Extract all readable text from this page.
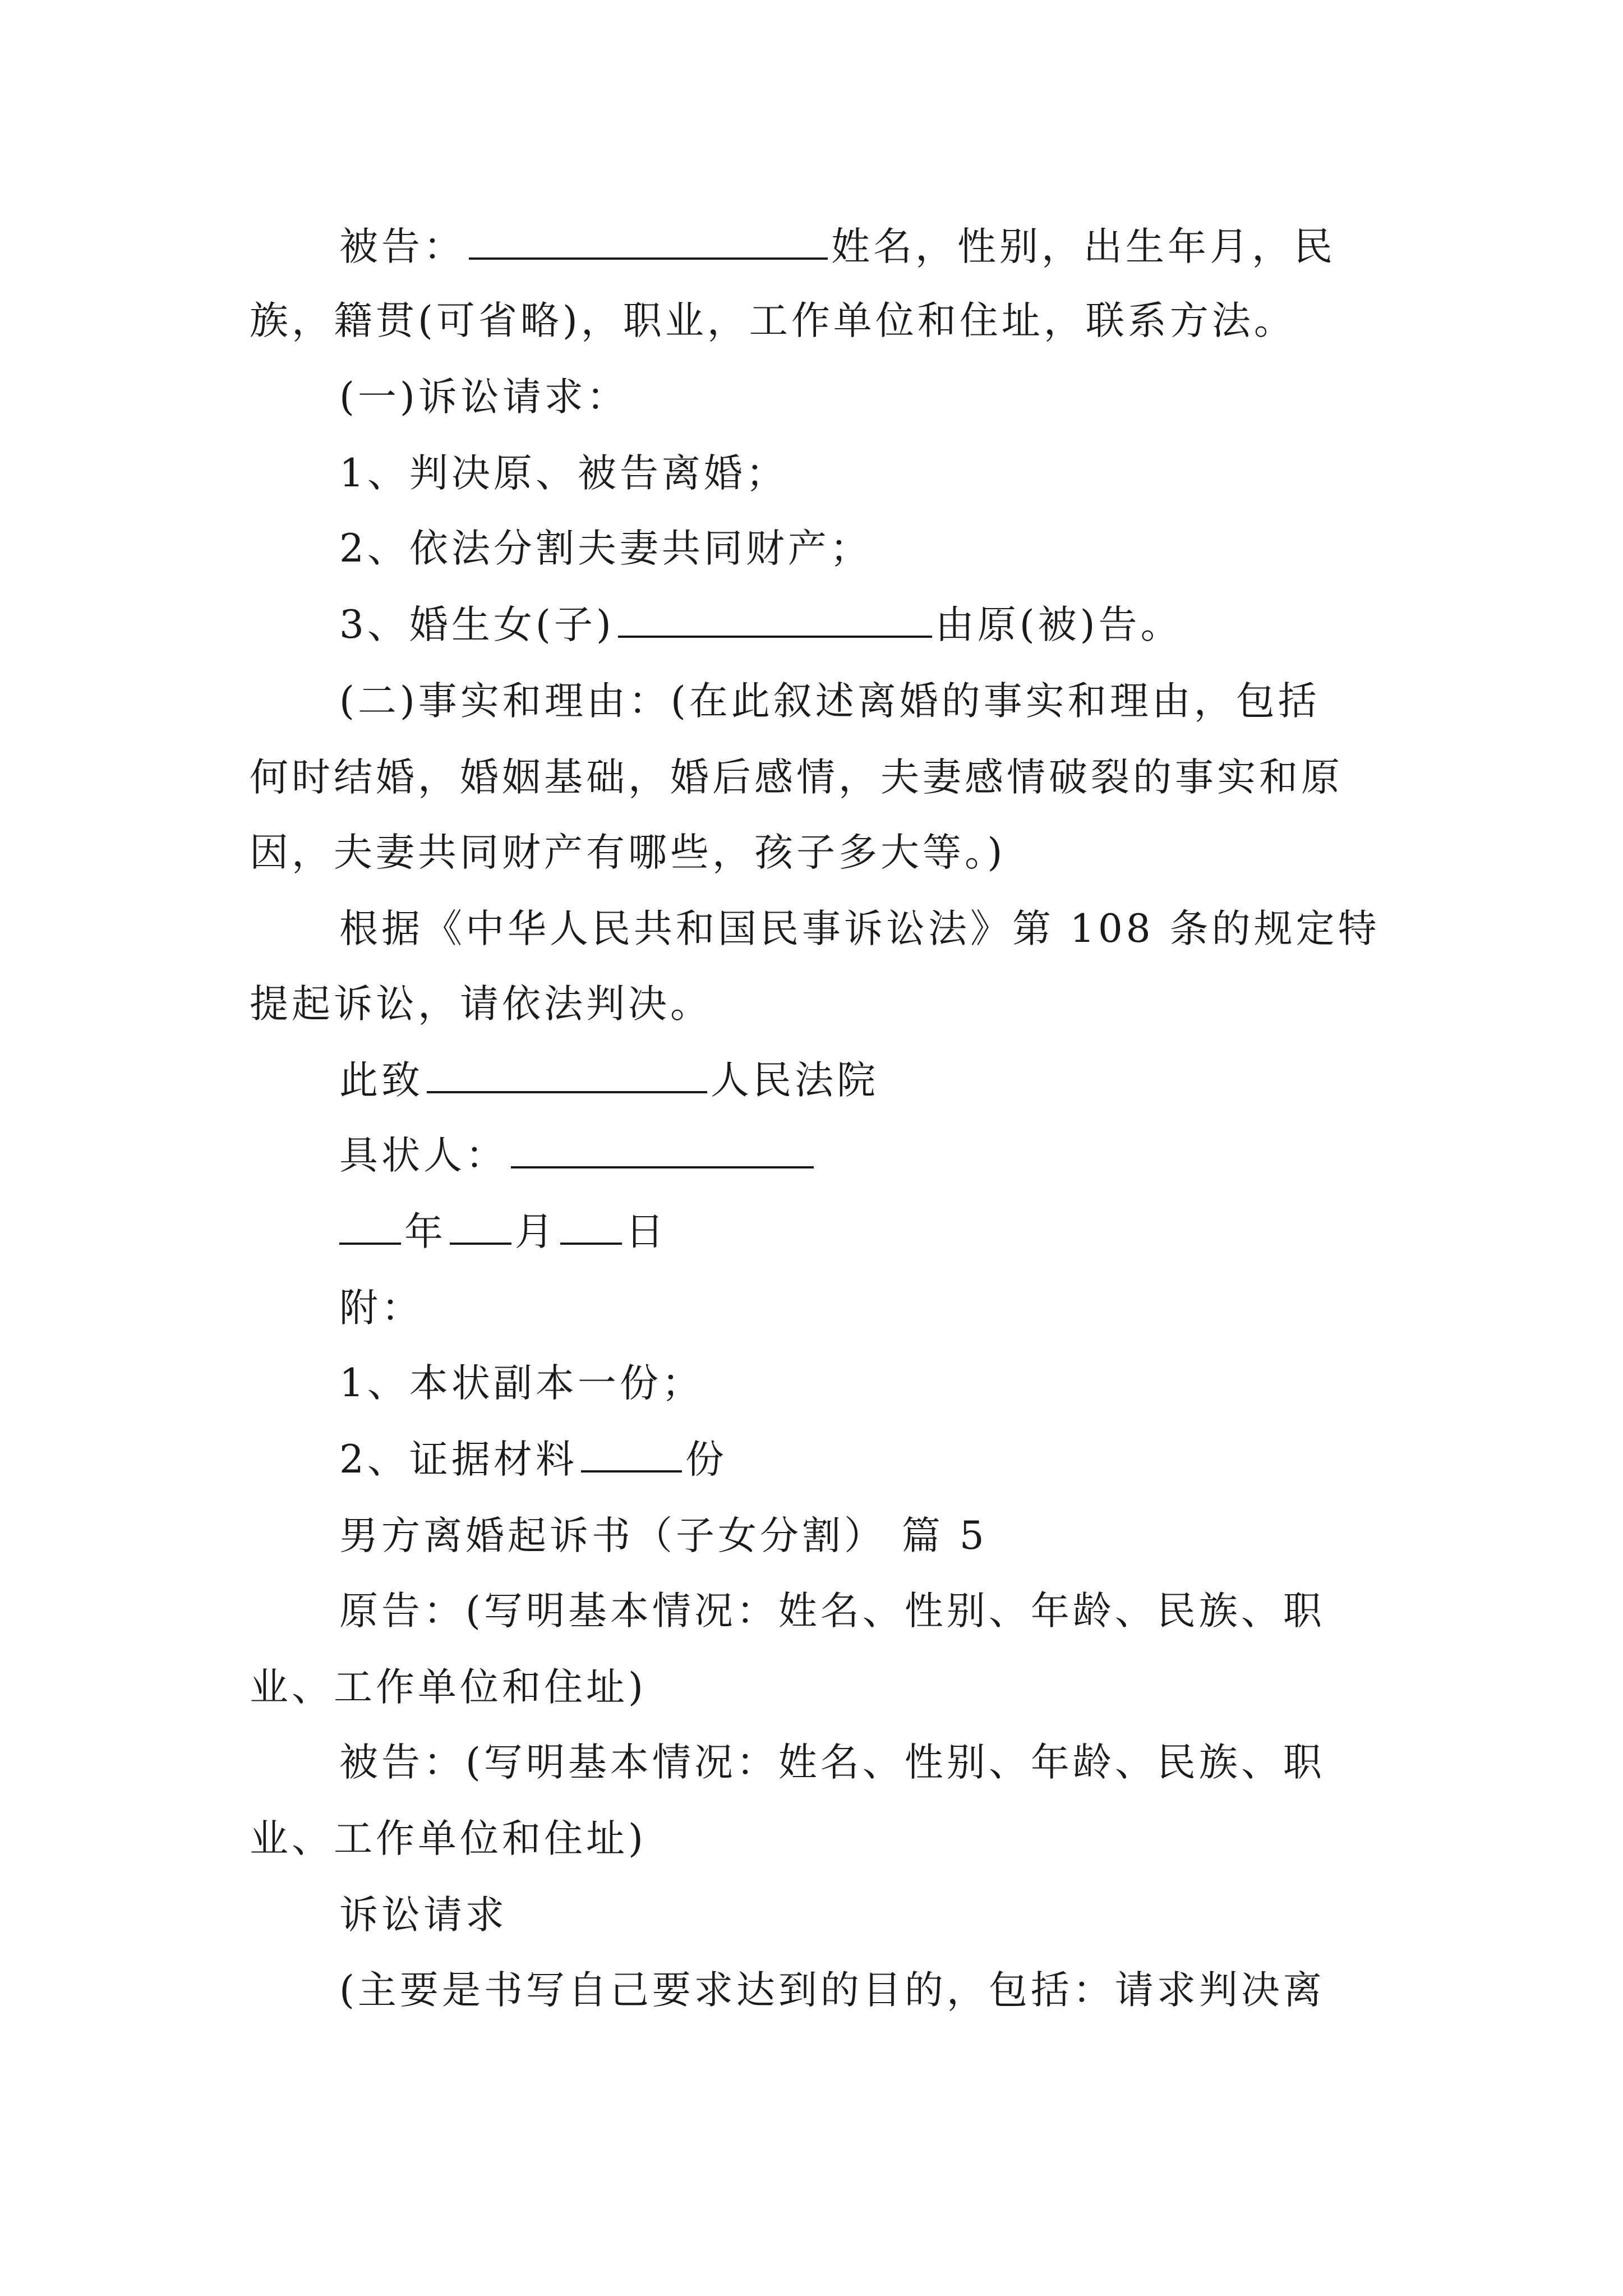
被告：	姓名，性别，出生年月，民
族，籍贯(可省略)，职业，工作单位和住址，联系方法。
(一)诉讼请求：
1、判决原、被告离婚；
2、依法分割夫妻共同财产；
3、婚生女(子)	由原(被)告。
(二)事实和理由：(在此叙述离婚的事实和理由，包括
何时结婚，婚姻基础，婚后感情，夫妻感情破裂的事实和原
因，夫妻共同财产有哪些，孩子多大等。)
根据《中华人民共和国民事诉讼法》第 108 条的规定特
提起诉讼，请依法判决。
此致	人民法院
具状人：
年 月 日
附：
1、本状副本一份；
2、证据材料	份
男方离婚起诉书（子女分割） 篇 5
原告：(写明基本情况：姓名、性别、年龄、民族、职
业、工作单位和住址)
被告：(写明基本情况：姓名、性别、年龄、民族、职
业、工作单位和住址)
诉讼请求
(主要是书写自己要求达到的目的，包括：请求判决离
